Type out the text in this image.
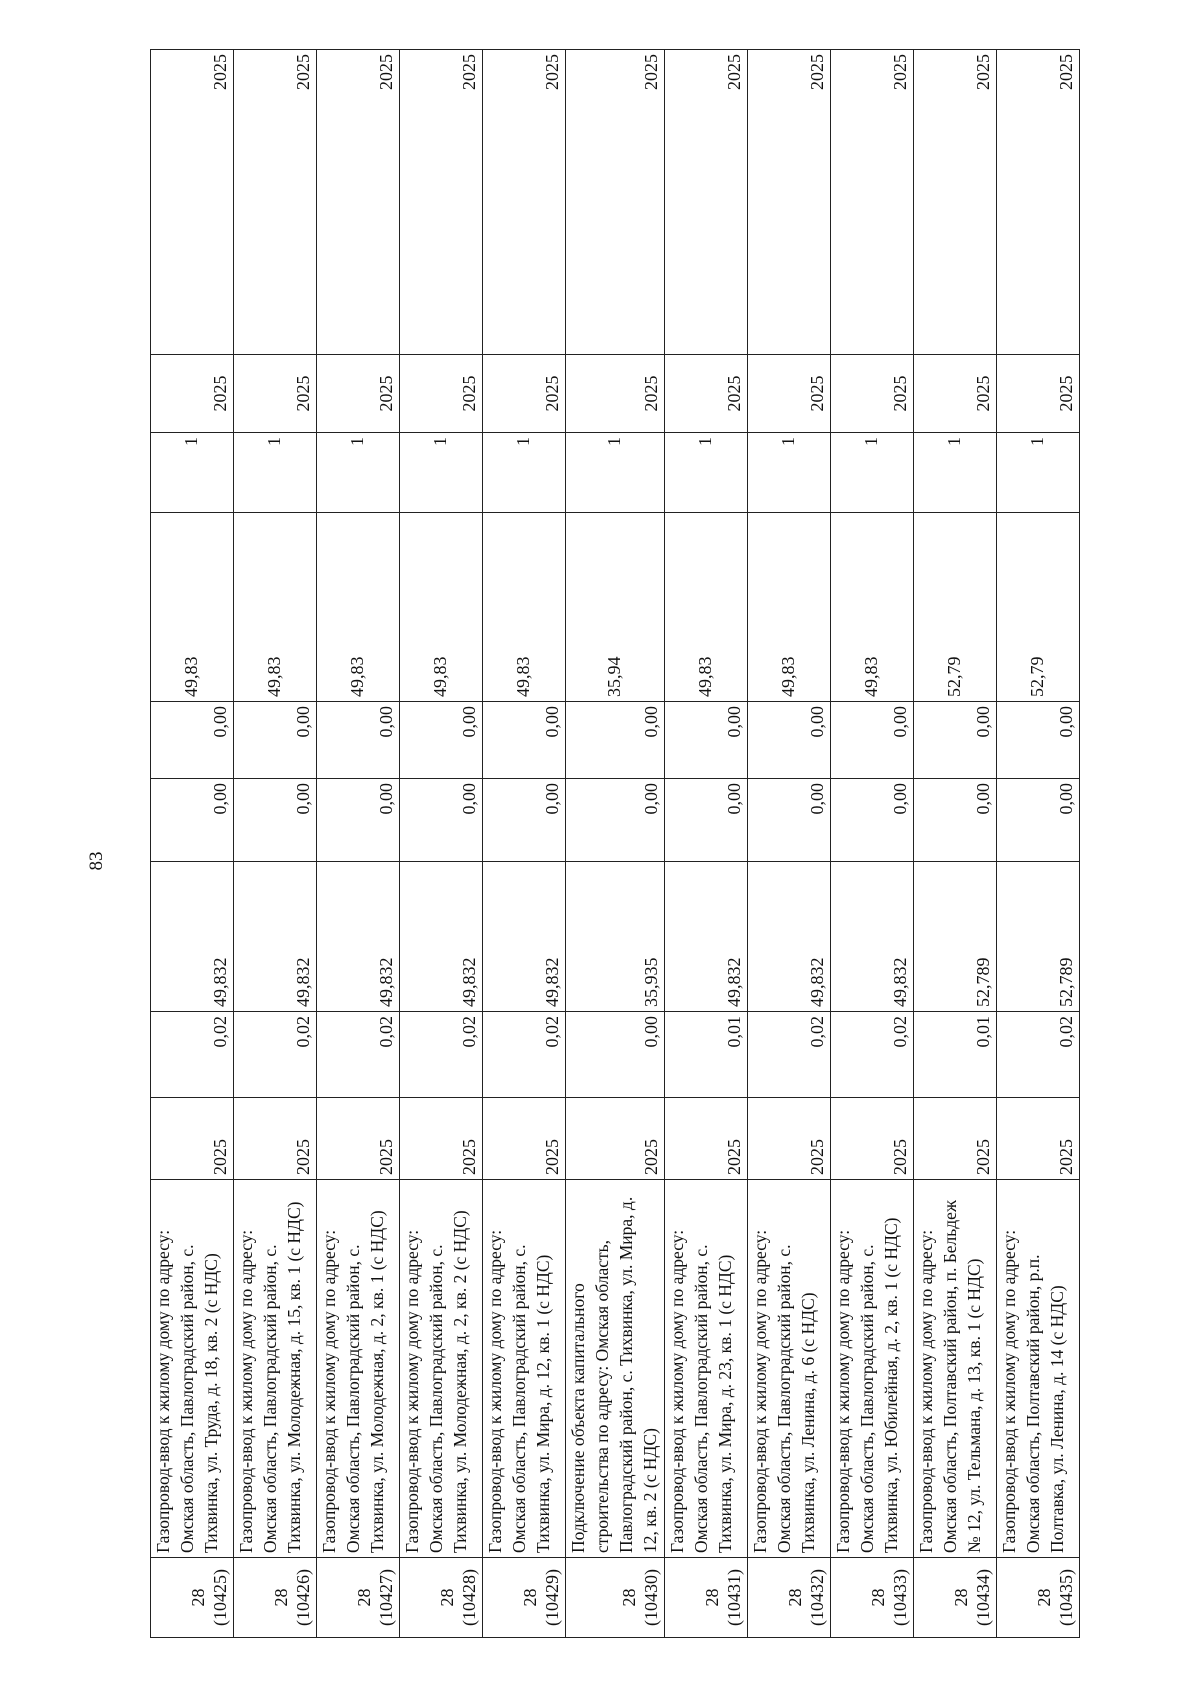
83
28 (10425)	Газопровод-ввод к жилому дому по адресу: Омская область, Павлоградский район, с. Тихвинка, ул. Труда, д. 18, кв. 2 (с НДС)	2025	0,02	49,832	0,00	0,00	49,83	1	2025	2025

28 (10426)	Газопровод-ввод к жилому дому по адресу: Омская область, Павлоградский район, с. Тихвинка, ул. Молодежная, д. 15, кв. 1 (с НДС)	2025	0,02	49,832	0,00	0,00	49,83	1	2025	2025

28 (10427)	Газопровод-ввод к жилому дому по адресу: Омская область, Павлоградский район, с. Тихвинка, ул. Молодежная, д. 2, кв. 1 (с НДС)	2025	0,02	49,832	0,00	0,00	49,83	1	2025	2025

28 (10428)	Газопровод-ввод к жилому дому по адресу: Омская область, Павлоградский район, с. Тихвинка, ул. Молодежная, д. 2, кв. 2 (с НДС)	2025	0,02	49,832	0,00	0,00	49,83	1	2025	2025

28 (10429)	Газопровод-ввод к жилому дому по адресу: Омская область, Павлоградский район, с. Тихвинка, ул. Мира, д. 12, кв. 1 (с НДС)	2025	0,02	49,832	0,00	0,00	49,83	1	2025	2025

28 (10430)	Подключение объекта капитального строительства по адресу: Омская область, Павлоградский район, с. Тихвинка, ул. Мира, д. 12, кв. 2 (с НДС)	2025	0,00	35,935	0,00	0,00	35,94	1	2025	2025

28 (10431)	Газопровод-ввод к жилому дому по адресу: Омская область, Павлоградский район, с. Тихвинка, ул. Мира, д. 23, кв. 1 (с НДС)	2025	0,01	49,832	0,00	0,00	49,83	1	2025	2025

28 (10432)	Газопровод-ввод к жилому дому по адресу: Омская область, Павлоградский район, с. Тихвинка, ул. Ленина, д. 6 (с НДС)	2025	0,02	49,832	0,00	0,00	49,83	1	2025	2025

28 (10433)	Газопровод-ввод к жилому дому по адресу: Омская область, Павлоградский район, с. Тихвинка, ул. Юбилейная, д. 2, кв. 1 (с НДС)	2025	0,02	49,832	0,00	0,00	49,83	1	2025	2025

28 (10434)	Газопровод-ввод к жилому дому по адресу: Омская область, Полтавский район, п. Бельдеж № 12, ул. Тельмана, д. 13, кв. 1 (с НДС)	2025	0,01	52,789	0,00	0,00	52,79	1	2025	2025

28 (10435)	Газопровод-ввод к жилому дому по адресу: Омская область, Полтавский район, р.п. Полтавка, ул. Ленина, д. 14 (с НДС)	2025	0,02	52,789	0,00	0,00	52,79	1	2025	2025
